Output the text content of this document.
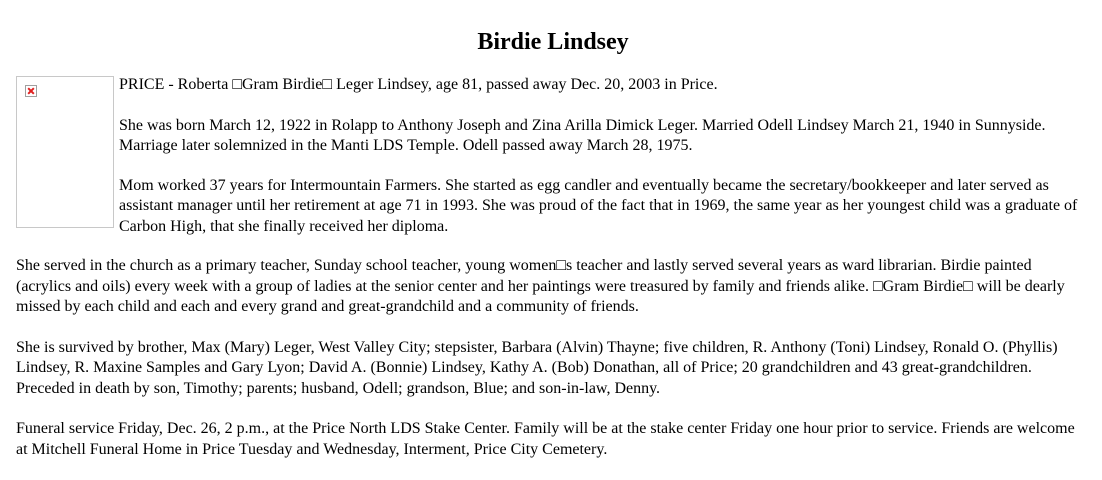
Birdie Lindsey

PRICE - Roberta □Gram Birdie□ Leger Lindsey, age 81, passed away Dec. 20, 2003 in Price.

She was born March 12, 1922 in Rolapp to Anthony Joseph and Zina Arilla Dimick Leger. Married Odell Lindsey March 21, 1940 in Sunnyside. Marriage later solemnized in the Manti LDS Temple. Odell passed away March 28, 1975.

Mom worked 37 years for Intermountain Farmers. She started as egg candler and eventually became the secretary/bookkeeper and later served as assistant manager until her retirement at age 71 in 1993. She was proud of the fact that in 1969, the same year as her youngest child was a graduate of Carbon High, that she finally received her diploma.

She served in the church as a primary teacher, Sunday school teacher, young women□s teacher and lastly served several years as ward librarian. Birdie painted (acrylics and oils) every week with a group of ladies at the senior center and her paintings were treasured by family and friends alike. □Gram Birdie□ will be dearly missed by each child and each and every grand and great-grandchild and a community of friends.

She is survived by brother, Max (Mary) Leger, West Valley City; stepsister, Barbara (Alvin) Thayne; five children, R. Anthony (Toni) Lindsey, Ronald O. (Phyllis) Lindsey, R. Maxine Samples and Gary Lyon; David A. (Bonnie) Lindsey, Kathy A. (Bob) Donathan, all of Price; 20 grandchildren and 43 great-grandchildren. Preceded in death by son, Timothy; parents; husband, Odell; grandson, Blue; and son-in-law, Denny.

Funeral service Friday, Dec. 26, 2 p.m., at the Price North LDS Stake Center. Family will be at the stake center Friday one hour prior to service. Friends are welcome at Mitchell Funeral Home in Price Tuesday and Wednesday, Interment, Price City Cemetery.
